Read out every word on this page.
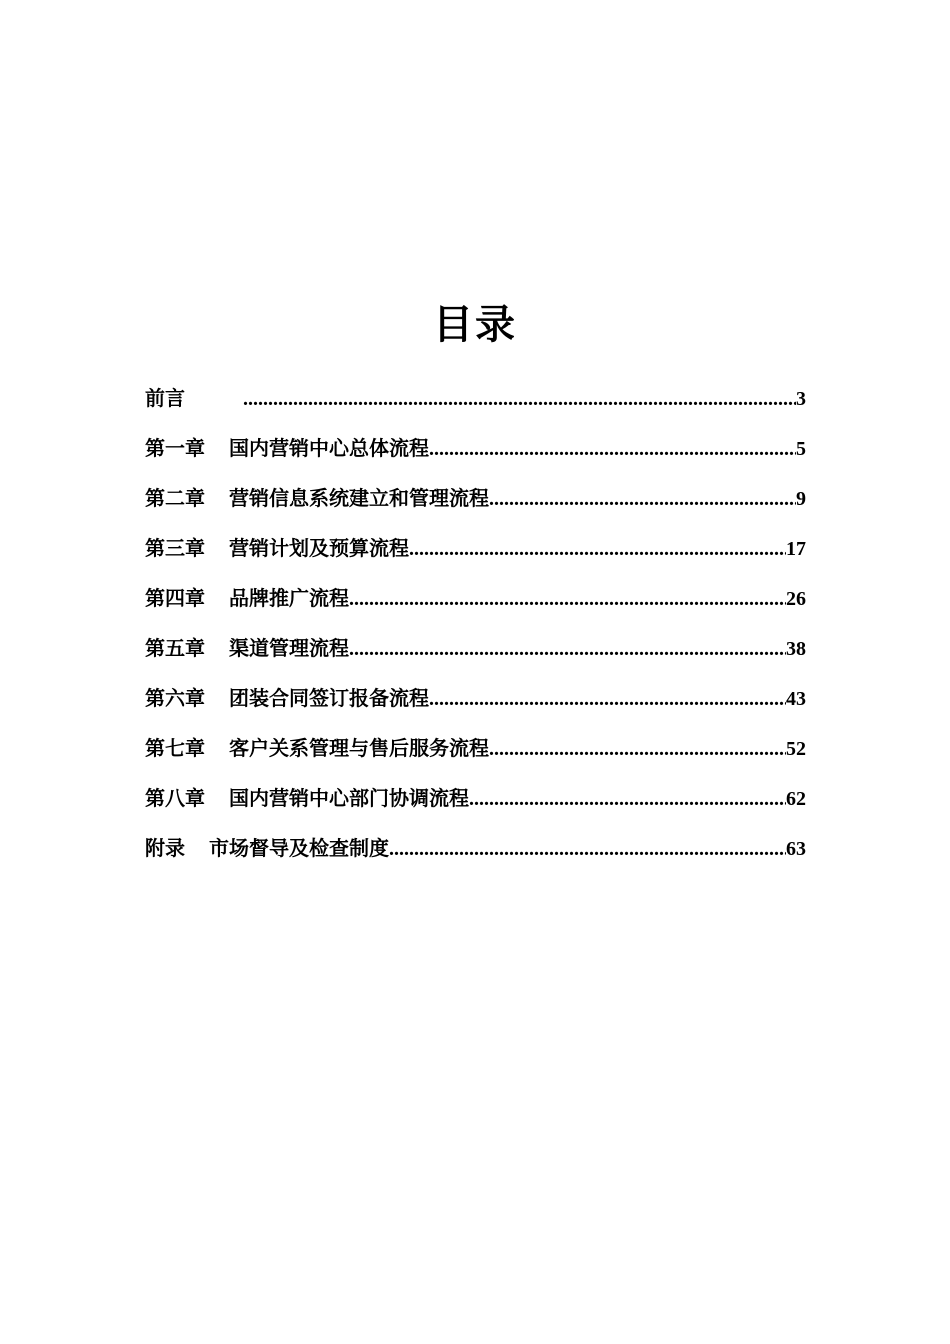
目录
前言 .....	3
第一章 国内营销中心总体流程 .....	5
第二章 营销信息系统建立和管理流程 .....	9
第三章 营销计划及预算流程 .....	17
第四章 品牌推广流程 .....	26
第五章 渠道管理流程 .....	38
第六章 团装合同签订报备流程 .....	43
第七章 客户关系管理与售后服务流程 .....	52
第八章 国内营销中心部门协调流程 .....	62
附录 市场督导及检查制度 .....	63
